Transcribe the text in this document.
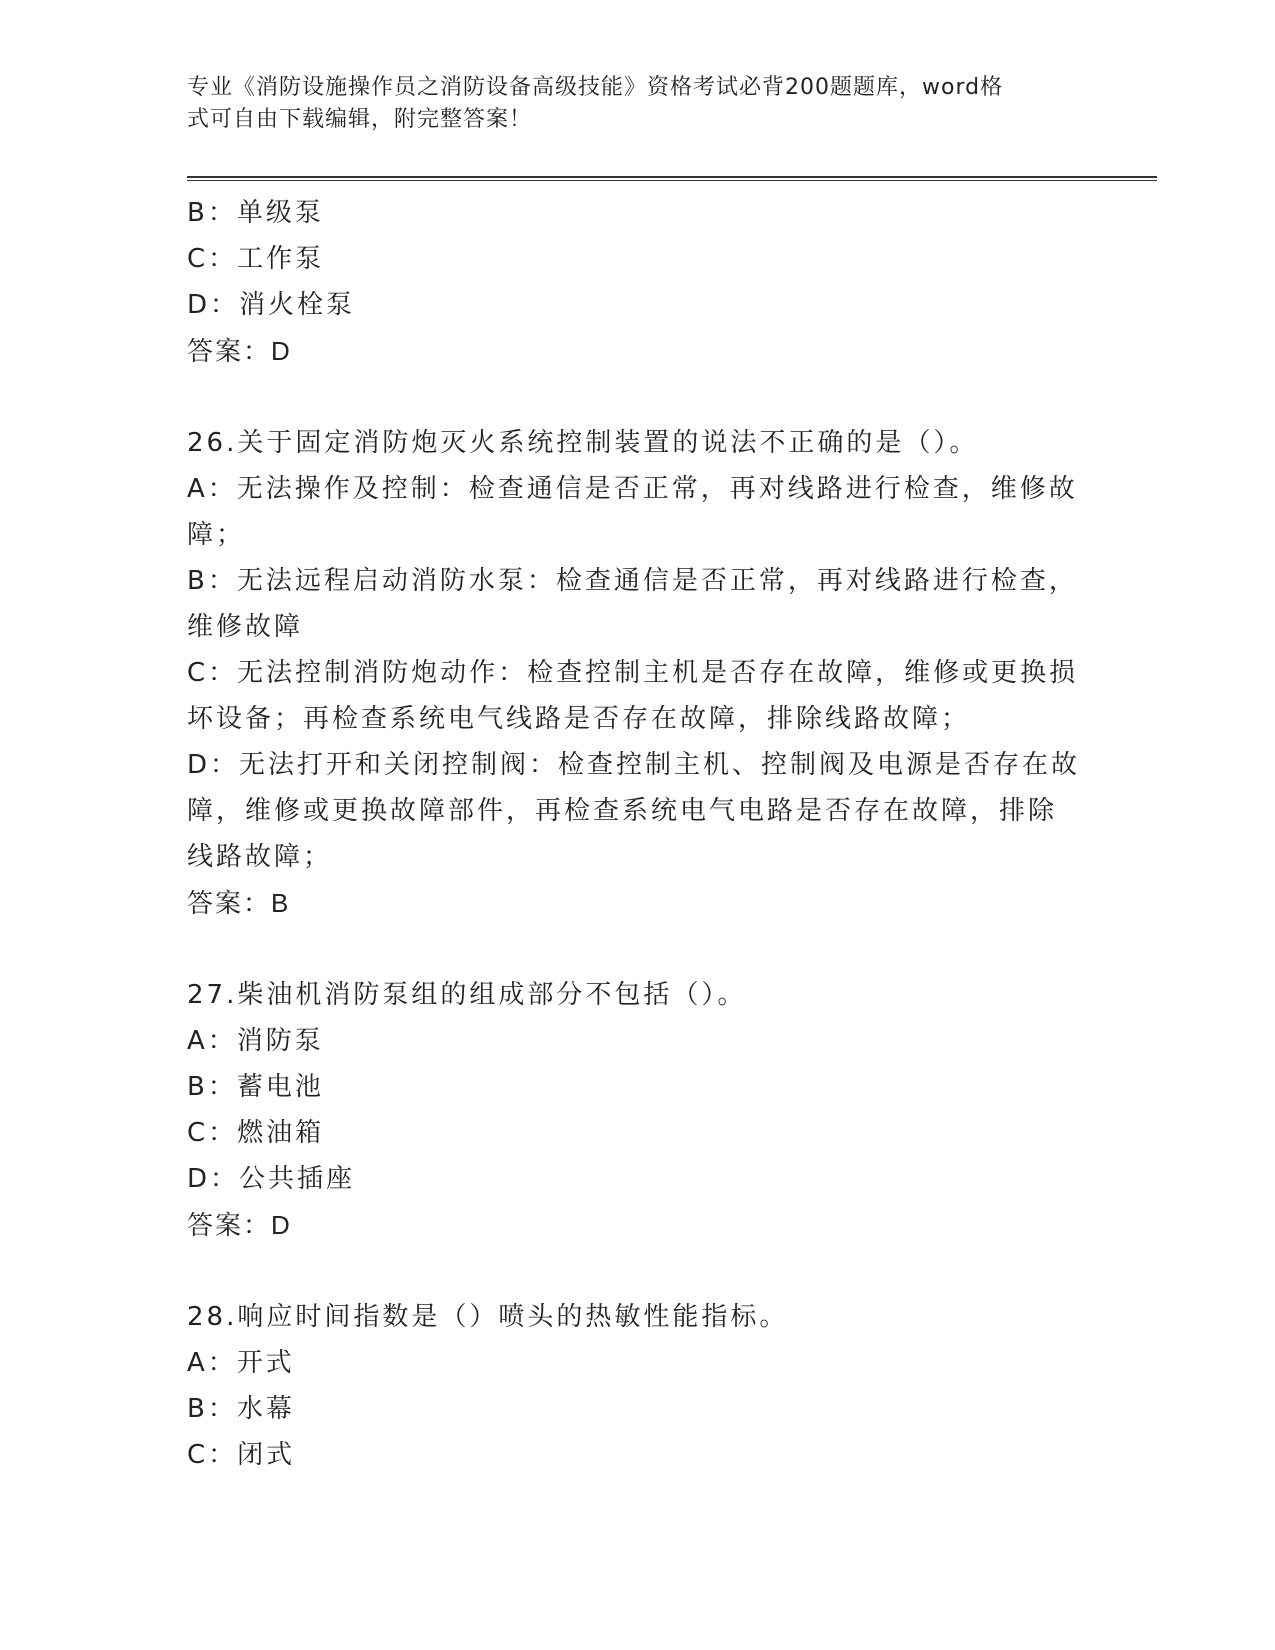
专业《消防设施操作员之消防设备高级技能》资格考试必背200题题库，word格
式可自由下载编辑，附完整答案！
B：单级泵
C：工作泵
D：消火栓泵
答案：D
26.关于固定消防炮灭火系统控制装置的说法不正确的是（）。
A：无法操作及控制：检查通信是否正常，再对线路进行检查，维修故
障；
B：无法远程启动消防水泵：检查通信是否正常，再对线路进行检查，
维修故障
C：无法控制消防炮动作：检查控制主机是否存在故障，维修或更换损
坏设备；再检查系统电气线路是否存在故障，排除线路故障；
D：无法打开和关闭控制阀：检查控制主机、控制阀及电源是否存在故
障，维修或更换故障部件，再检查系统电气电路是否存在故障，排除
线路故障；
答案：B
27.柴油机消防泵组的组成部分不包括（）。
A：消防泵
B：蓄电池
C：燃油箱
D：公共插座
答案：D
28.响应时间指数是（）喷头的热敏性能指标。
A：开式
B：水幕
C：闭式
